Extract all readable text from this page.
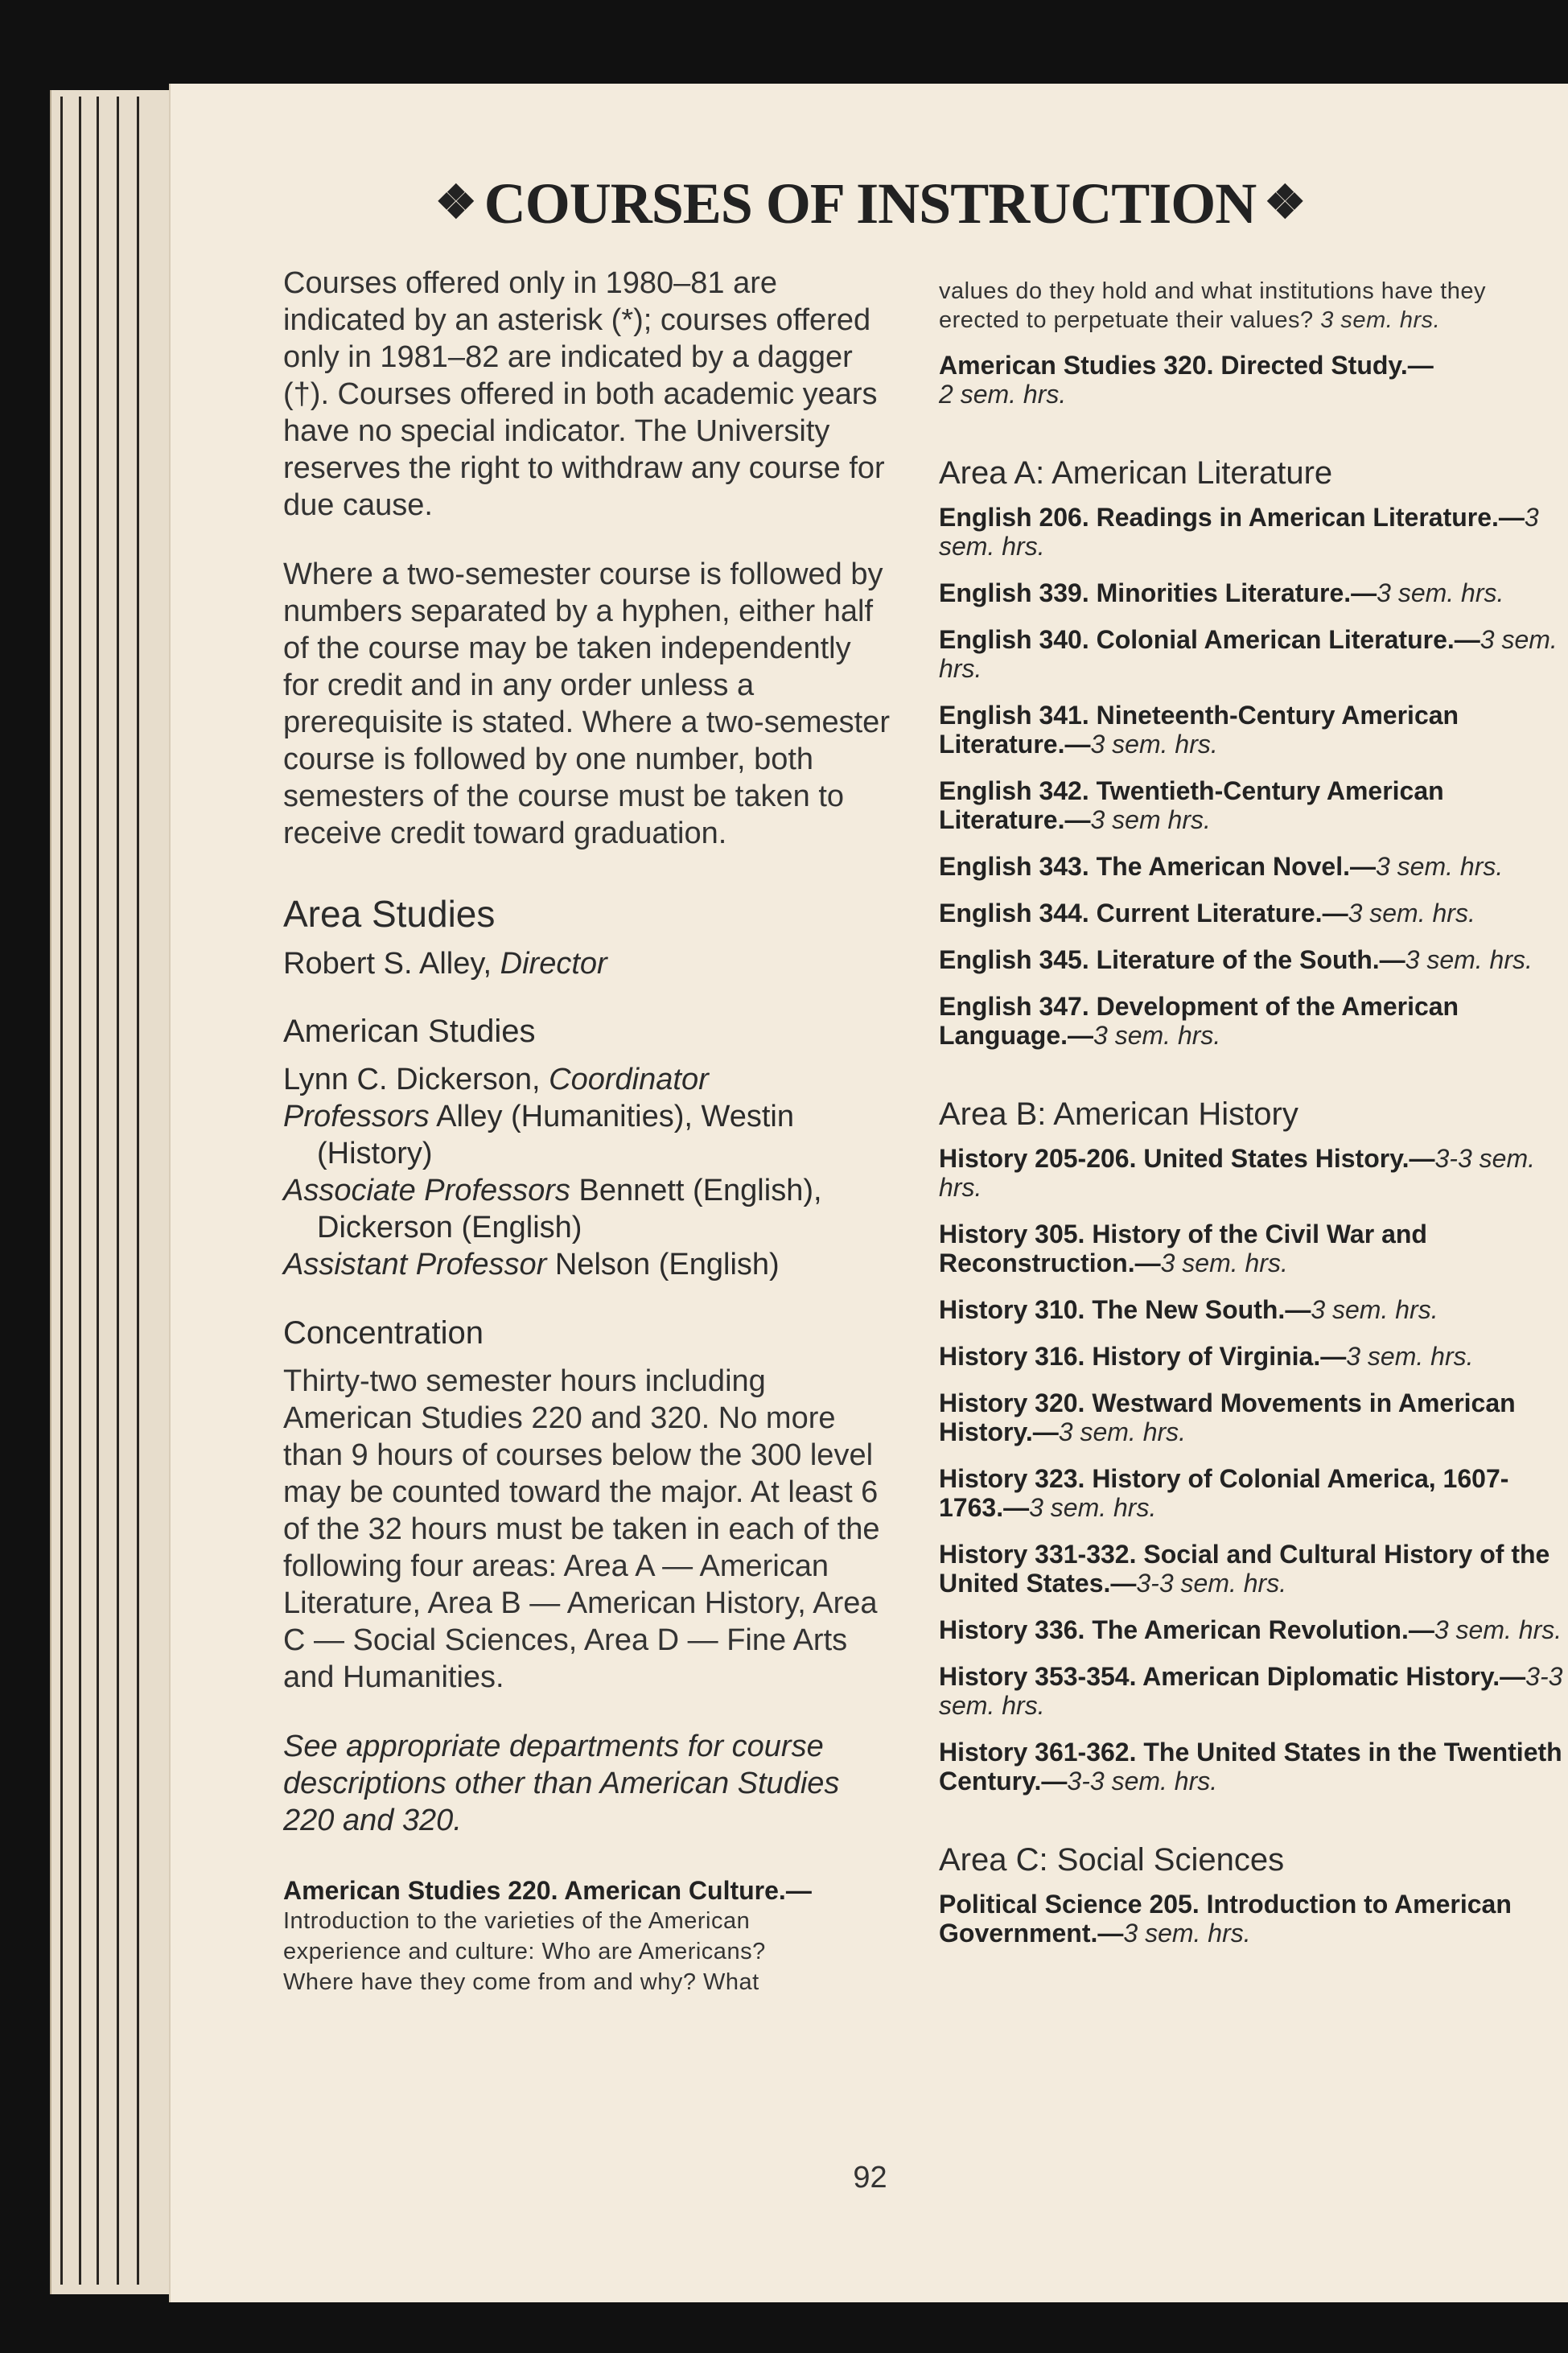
❖ COURSES OF INSTRUCTION ❖

Courses offered only in 1980–81 are indicated by an asterisk (*); courses offered only in 1981–82 are indicated by a dagger (†). Courses offered in both academic years have no special indicator. The University reserves the right to withdraw any course for due cause.

Where a two-semester course is followed by numbers separated by a hyphen, either half of the course may be taken independently for credit and in any order unless a prerequisite is stated. Where a two-semester course is followed by one number, both semesters of the course must be taken to receive credit toward graduation.

Area Studies
Robert S. Alley, Director
American Studies
Lynn C. Dickerson, Coordinator
Professors Alley (Humanities), Westin
(History)
Associate Professors Bennett (English),
Dickerson (English)
Assistant Professor Nelson (English)
Concentration

Thirty-two semester hours including American Studies 220 and 320. No more than 9 hours of courses below the 300 level may be counted toward the major. At least 6 of the 32 hours must be taken in each of the following four areas: Area A — American Literature, Area B — American History, Area C — Social Sciences, Area D — Fine Arts and Humanities.

See appropriate departments for course descriptions other than American Studies 220 and 320.

American Studies 220. American Culture.— Introduction to the varieties of the American experience and culture: Who are Americans? Where have they come from and why? What

values do they hold and what institutions have they erected to perpetuate their values? 3 sem. hrs.

American Studies 320. Directed Study.—
2 sem. hrs.
Area A: American Literature
English 206. Readings in American Literature.—3 sem. hrs.
English 339. Minorities Literature.—3 sem. hrs.
English 340. Colonial American Literature.—3 sem. hrs.
English 341. Nineteenth-Century American Literature.—3 sem. hrs.
English 342. Twentieth-Century American Literature.—3 sem hrs.
English 343. The American Novel.—3 sem. hrs.
English 344. Current Literature.—3 sem. hrs.
English 345. Literature of the South.—3 sem. hrs.
English 347. Development of the American Language.—3 sem. hrs.
Area B: American History
History 205-206. United States History.—3-3 sem. hrs.
History 305. History of the Civil War and Reconstruction.—3 sem. hrs.
History 310. The New South.—3 sem. hrs.
History 316. History of Virginia.—3 sem. hrs.
History 320. Westward Movements in American History.—3 sem. hrs.
History 323. History of Colonial America, 1607-1763.—3 sem. hrs.
History 331-332. Social and Cultural History of the United States.—3-3 sem. hrs.
History 336. The American Revolution.—3 sem. hrs.
History 353-354. American Diplomatic History.—3-3 sem. hrs.
History 361-362. The United States in the Twentieth Century.—3-3 sem. hrs.
Area C: Social Sciences
Political Science 205. Introduction to American Government.—3 sem. hrs.
92
